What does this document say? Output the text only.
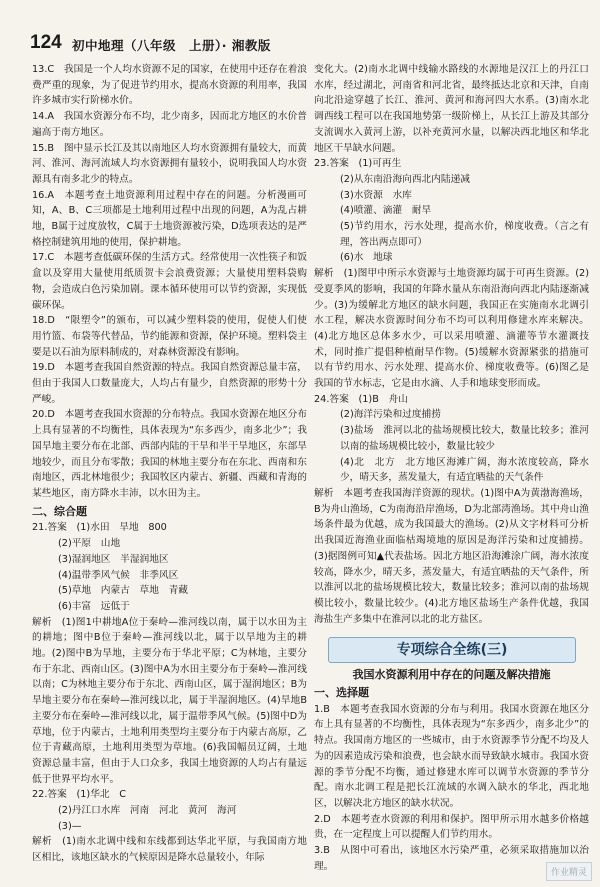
124 初中地理（八年级　上册）· 湘教版

13.C　我国是一个人均水资源不足的国家，在使用中还存在着浪费严重的现象，为了促进节约用水，提高水资源的利用率，我国许多城市实行阶梯水价。

14.A　我国水资源分布不均，北少南多，因而北方地区的水价普遍高于南方地区。

15.B　图中显示长江及其以南地区人均水资源拥有量较大，而黄河、淮河、海河流域人均水资源拥有量较小，说明我国人均水资源具有南多北少的特点。

16.A　本题考查土地资源利用过程中存在的问题。分析漫画可知，A、B、C三项都是土地利用过程中出现的问题，A为乱占耕地，B属于过度放牧，C属于土地资源被污染，D选项表达的是严格控制建筑用地的使用，保护耕地。

17.C　本题考查低碳环保的生活方式。经常使用一次性筷子和饭盒以及穿用大量使用纸质贺卡会浪费资源；大量使用塑料袋购物，会造成白色污染加剧。课本循环使用可以节约资源，实现低碳环保。

18.D　“限塑令”的颁布，可以减少塑料袋的使用，促使人们使用竹篮、布袋等代替品，节约能源和资源，保护环境。塑料袋主要是以石油为原料制成的，对森林资源没有影响。

19.D　本题考查我国自然资源的特点。我国自然资源总量丰富，但由于我国人口数量庞大，人均占有量少，自然资源的形势十分严峻。

20.D　本题考查我国水资源的分布特点。我国水资源在地区分布上具有显著的不均衡性，具体表现为“东多西少，南多北少”；我国旱地主要分布在北部、西部内陆的干旱和半干旱地区，东部旱地较少，而且分布零散；我国的林地主要分布在东北、西南和东南地区，西北林地很少；我国牧区内蒙古、新疆、西藏和青海的某些地区，南方降水丰沛，以水田为主。

二、综合题

21.答案　(1)水田　旱地　800

(2)平原　山地

(3)湿润地区　半湿润地区

(4)温带季风气候　非季风区

(5)草地　内蒙古　草地　青藏

(6)丰富　远低于

解析　(1)图1中耕地A位于秦岭—淮河线以南，属于以水田为主的耕地；图中B位于秦岭—淮河线以北，属于以旱地为主的耕地。(2)图中B为旱地，主要分布于华北平原；C为林地，主要分布于东北、西南山区。(3)图中A为水田主要分布于秦岭—淮河线以南；C为林地主要分布于东北、西南山区，属于湿润地区；B为旱地主要分布在秦岭—淮河线以北，属于半湿润地区。(4)旱地B主要分布在秦岭—淮河线以北，属于温带季风气候。(5)图中D为草地，位于内蒙古，土地利用类型均主要分布于内蒙古高原，乙位于青藏高原，土地利用类型为草地。(6)我国幅员辽阔，土地资源总量丰富，但由于人口众多，我国土地资源的人均占有量远低于世界平均水平。

22.答案　(1)华北　C

(2)丹江口水库　河南　河北　黄河　海河

(3)—

解析　(1)南水北调中线和东线都到达华北平原，与我国南方地区相比，该地区缺水的气候原因是降水总量较小，年际

变化大。(2)南水北调中线输水路线的水源地是汉江上的丹江口水库，经过湖北，河南省和河北省，最终抵达北京和天津，自南向北沿途穿越了长江、淮河、黄河和海河四大水系。(3)南水北调西线工程可以在我国地势第一级阶梯上，从长江上游及其部分支流调水入黄河上游，以补充黄河水量，以解决西北地区和华北地区干旱缺水问题。

23.答案　(1)可再生

(2)从东南沿海向西北内陆递减

(3)水资源　水库

(4)喷灌、滴灌　耐旱

(5)节约用水，污水处理，提高水价，梯度收费。（言之有理，答出两点即可）

(6)水　地球

解析　(1)图甲中所示水资源与土地资源均属于可再生资源。(2)受夏季风的影响，我国的年降水量从东南沿海向西北内陆逐渐减少。(3)为缓解北方地区的缺水问题，我国正在实施南水北调引水工程，解决水资源时间分布不均可以利用修建水库来解决。(4)北方地区总体多水少，可以采用喷灌、滴灌等节水灌溉技术，同时推广提倡种植耐旱作物。(5)缓解水资源紧张的措施可以有节约用水、污水处理、提高水价、梯度收费等。(6)图乙是我国的节水标志，它是由水滴、人手和地球变形而成。

24.答案　(1)B　舟山

(2)海洋污染和过度捕捞

(3)盐场　淮河以北的盐场规模比较大，数量比较多；淮河以南的盐场规模比较小，数量比较少

(4)北　北方　北方地区海滩广阔，海水浓度较高，降水少，晴天多，蒸发量大，有适宜晒盐的天气条件

解析　本题考查我国海洋资源的现状。(1)图中A为黄渤海渔场，B为舟山渔场，C为南海沿岸渔场，D为北部湾渔场。其中舟山渔场条件最为优越，成为我国最大的渔场。(2)从文字材料可分析出我国近海渔业面临枯竭境地的原因是海洋污染和过度捕捞。(3)据图例可知▲代表盐场。因北方地区沿海滩涂广阔，海水浓度较高，降水少，晴天多，蒸发量大，有适宜晒盐的天气条件，所以淮河以北的盐场规模比较大，数量比较多；淮河以南的盐场规模比较小，数量比较少。(4)北方地区盐场生产条件优越，我国海盐生产多集中在淮河以北的北方盐区。

专项综合全练(三)
我国水资源利用中存在的问题及解决措施
一、选择题

1.B　本题考查我国水资源的分布与利用。我国水资源在地区分布上具有显著的不均衡性，具体表现为“东多西少，南多北少”的特点。我国南方地区的一些城市，由于水资源季节分配不均及人为的因素造成污染和浪费，也会缺水而导致缺水城市。我国水资源的季节分配不均衡，通过修建水库可以调节水资源的季节分配。南水北调工程是把长江流域的水调入缺水的华北，西北地区，以解决北方地区的缺水状况。

2.D　本题考查水资源的利用和保护。图甲所示用水越多价格越贵，在一定程度上可以提醒人们节约用水。

3.B　从图中可看出，该地区水污染严重，必须采取措施加以治理。

作业精灵
